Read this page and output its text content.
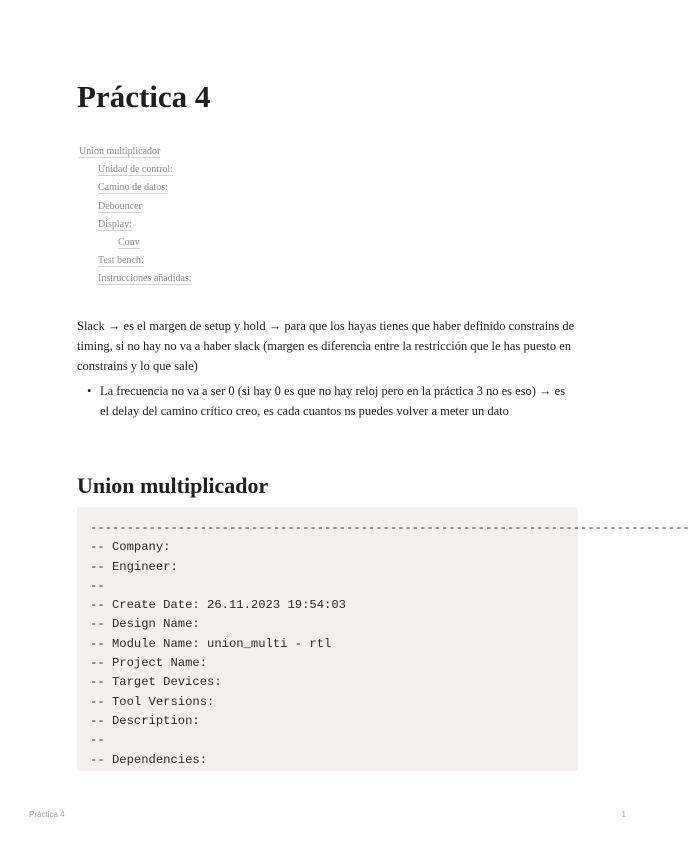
Práctica 4
Union multiplicador
Unidad de control:
Camino de datos:
Debouncer
Display:
Conv
Test bench:
Instrucciones añadidas:

Slack → es el margen de setup y hold → para que los hayas tienes que haber definido constrains de timing, si no hay no va a haber slack (margen es diferencia entre la restricción que le has puesto en constrains y lo que sale)

• La frecuencia no va a ser 0 (si hay 0 es que no hay reloj pero en la práctica 3 no es eso) → es el delay del camino crítico creo, es cada cuantos ns puedes volver a meter un dato
Union multiplicador
----------------------------------------------------------------------------------
-- Company:
-- Engineer:
--
-- Create Date: 26.11.2023 19:54:03
-- Design Name:
-- Module Name: union_multi - rtl
-- Project Name:
-- Target Devices:
-- Tool Versions:
-- Description:
--
-- Dependencies:
Práctica 4	1
